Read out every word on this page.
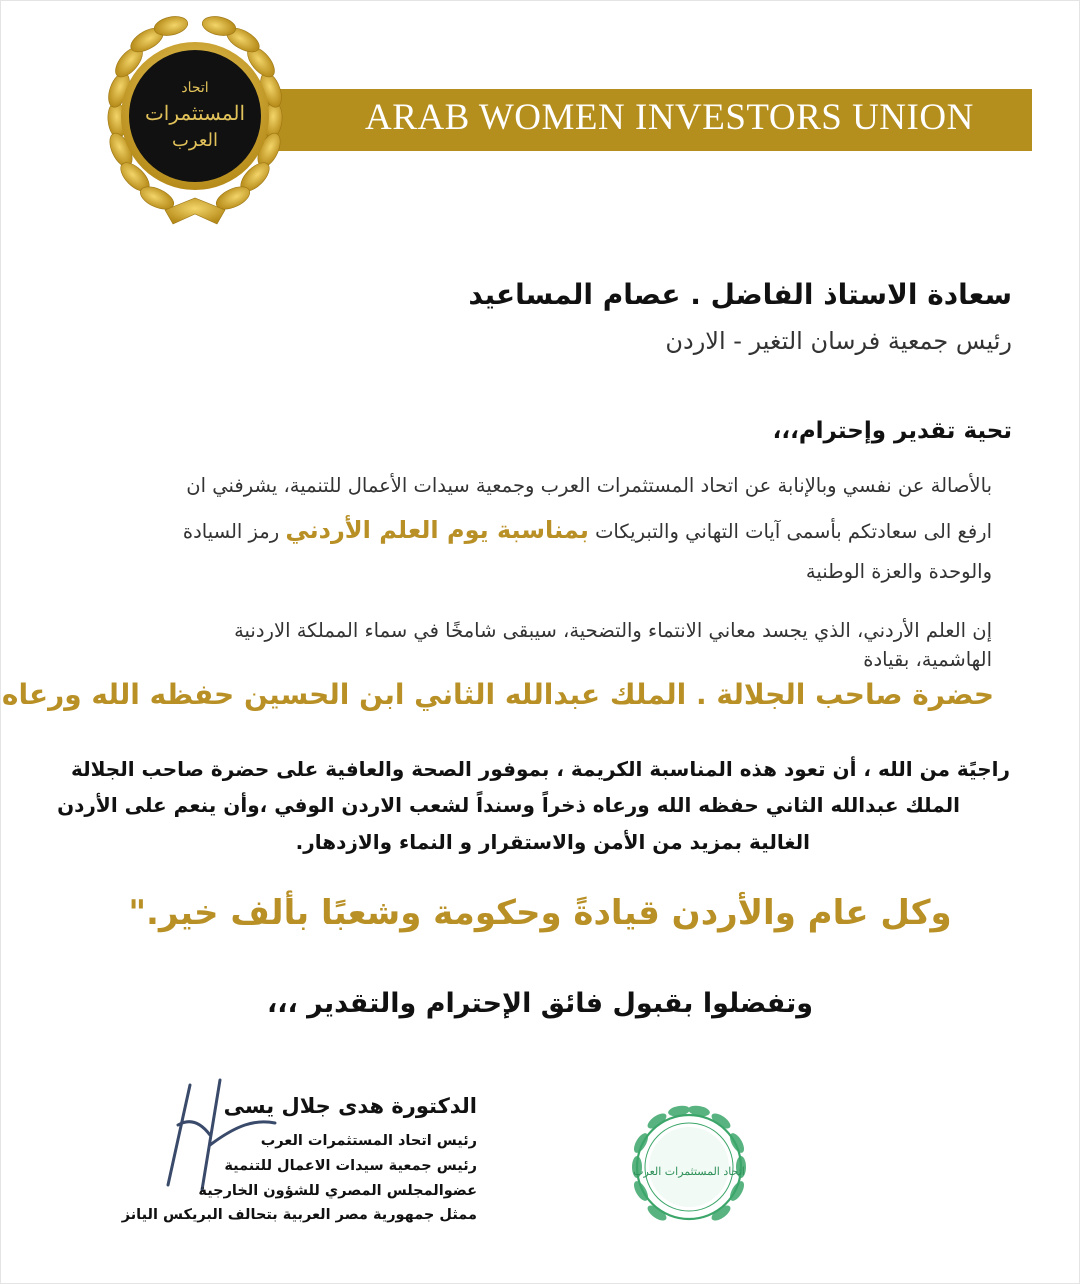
ARAB WOMEN INVESTORS UNION
اتحاد
المستثمرات
العرب
سعادة الاستاذ الفاضل . عصام المساعيد
رئيس جمعية فرسان التغير - الاردن
تحية تقدير وإحترام،،،
بالأصالة عن نفسي وبالإنابة عن اتحاد المستثمرات العرب وجمعية سيدات الأعمال للتنمية، يشرفني ان
ارفع الى سعادتكم بأسمى آيات التهاني والتبريكات بمناسبة يوم العلم الأردني رمز السيادة
والوحدة والعزة الوطنية
إن العلم الأردني، الذي يجسد معاني الانتماء والتضحية، سيبقى شامخًا في سماء المملكة الاردنية
الهاشمية، بقيادة
حضرة صاحب الجلالة . الملك عبدالله الثاني ابن الحسين حفظه الله ورعاه
راجيًة من الله ، أن تعود هذه المناسبة الكريمة ، بموفور الصحة والعافية على حضرة صاحب الجلالة
الملك عبدالله الثاني حفظه الله ورعاه ذخراً وسنداً لشعب الاردن الوفي ،وأن ينعم على الأردن
الغالية بمزيد من الأمن والاستقرار و النماء والازدهار.
وكل عام والأردن قيادةً وحكومة وشعبًا بألف خير."
وتفضلوا بقبول فائق الإحترام والتقدير ،،،
الدكتورة هدى جلال يسى
رئيس اتحاد المستثمرات العرب
رئيس جمعية سيدات الاعمال للتنمية
عضوالمجلس المصري للشؤون الخارجية
ممثل جمهورية مصر العربية بتحالف البريكس اليانز
اتحاد المستثمرات العرب
